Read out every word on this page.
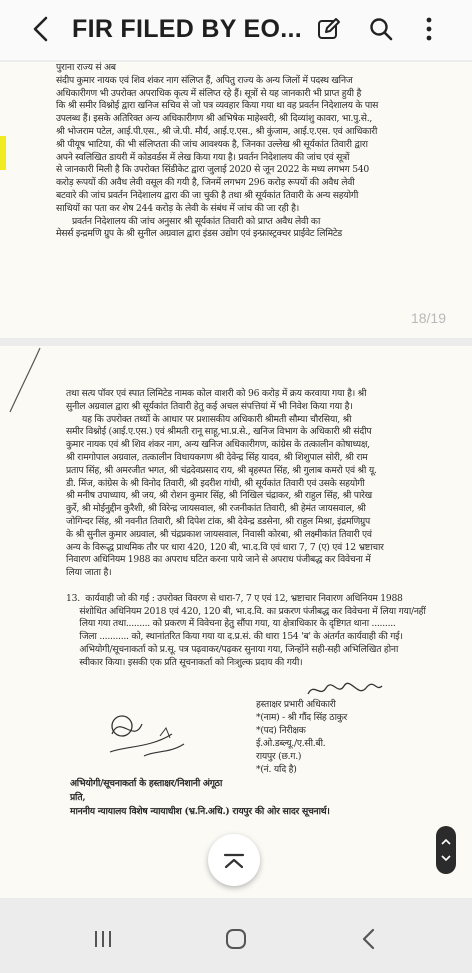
FIR FILED BY EO...
पुराना राज्य सं अब
संदीप कुमार नायक एवं शिव शंकर नाग संलिप्त हैं, अपितु राज्य के अन्य जिलों में पदस्थ खनिज
अधिकारीगण भी उपरोक्त अपराधिक कृत्य में संलिप्त रहे हैं। सूत्रों से यह जानकारी भी प्राप्त हुयी है
कि श्री समीर विश्नोई द्वारा खनिज सचिव से जो पत्र व्यवहार किया गया था वह प्रवर्तन निदेशालय के पास
उपलब्ध हैं। इसके अतिरिक्त अन्य अधिकारीगण श्री अभिषेक माहेश्वरी, श्री दिव्यांशु कावरा, भा.पु.से.,
श्री भोजराम पटेल, आई.पी.एस., श्री जे.पी. मौर्य, आई.ए.एस., श्री कुंजाम, आई.ए.एस. एवं आधिकारी
श्री पीयूष भाटिया, की भी संलिप्तता की जांच आवश्यक है, जिनका उल्लेख श्री सूर्यकांत तिवारी द्वारा
अपने स्वलिखित डायरी में कोडवर्डस में लेख किया गया है। प्रवर्तन निदेशालय की जांच एवं सूत्रों
से जानकारी मिली है कि उपरोक्त सिंडीकेट द्वारा जुलाई 2020 से जून 2022 के मध्य लगभग 540
करोड़ रूपयों की अवैध लेवी वसूल की गयी है, जिनमें लगभग 296 करोड़ रूपयों की अवैध लेवी
बटवारे की जांच प्रवर्तन निदेशालय द्वारा की जा चुकी है तथा श्री सूर्यकांत तिवारी के अन्य सहयोगी
साथियों का पता कर शेष 244 करोड़ के लेवी के संबंध में जांच की जा रही है।
प्रवर्तन निदेशालय की जांच अनुसार श्री सूर्यकांत तिवारी को प्राप्त अवैध लेवी का
मेसर्स इन्द्रमणि ग्रुप के श्री सुनील अग्रवाल द्वारा इंडस उद्योग एवं इन्फ्रास्ट्रक्चर प्राईवेट लिमिटेड
18/19
तथा सत्य पॉवर एवं स्पात लिमिटेड नामक कोल वाशरी को 96 करोड़ में क्रय करवाया गया है। श्री
सुनील अग्रवाल द्वारा श्री सूर्यकांत तिवारी हेतु कई अचल संपत्तियां में भी निवेश किया गया है।
यह कि उपरोक्त तथ्यों के आधार पर प्रशासकीय अधिकारी श्रीमती सौम्या चौरसिया, श्री
समीर विश्नोई (आई.ए.एस.) एवं श्रीमती रानू साहू,भा.प्र.से., खनिज विभाग के अधिकारी श्री संदीप
कुमार नायक एवं श्री शिव शंकर नाग, अन्य खनिज अधिकारीगण, कांग्रेस के तत्कालीन कोषाध्यक्ष,
श्री रामगोपाल अग्रवाल, तत्कालीन विधायकगण श्री देवेन्द्र सिंह यादव, श्री शिशुपाल सोरी, श्री राम
प्रताप सिंह, श्री अमरजीत भगत, श्री चंद्रदेवप्रसाद राय, श्री बृहस्पत सिंह, श्री गुलाब कमरो एवं श्री यू.
डी. मिंज, कांग्रेस के श्री विनोद तिवारी, श्री इदरीश गांधी, श्री सूर्यकांत तिवारी एवं उसके सहयोगी
श्री मनीष उपाध्याय, श्री जय, श्री रोशन कुमार सिंह, श्री निखिल चंद्राकर, श्री राहुल सिंह, श्री पारेख
कुर्रे, श्री मोईनुद्दीन कुरैशी, श्री विरेन्द्र जायसवाल, श्री रजनीकांत तिवारी, श्री हेमंत जायसवाल, श्री
जोगिन्दर सिंह, श्री नवनीत तिवारी, श्री दिपेश टांक, श्री देवेन्द्र डडसेना, श्री राहुल मिश्रा, इंद्रमणिग्रुप
के श्री सुनील कुमार अग्रवाल, श्री चंद्रप्रकाश जायसवाल, निवासी कोरबा, श्री लक्ष्मीकांत तिवारी एवं
अन्य के विरूद्ध प्राथमिक तौर पर धारा 420, 120 बी, भा.द.वि एवं धारा 7, 7 (ए) एवं 12 भ्रष्टाचार
निवारण अधिनियम 1988 का अपराध घटित करना पाये जाने से अपराध पंजीबद्ध कर विवेचना में
लिया जाता है।

13.  कार्यवाही जो की गई : उपरोक्त विवरण से धारा-7, 7 ए एवं 12, भ्रष्टाचार निवारण अधिनियम 1988
संशोधित अधिनियम 2018 एवं 420, 120 बी, भा.द.वि. का प्रकरण पंजीबद्ध कर विवेचना में लिया गया/नहीं
लिया गया तथा......... को प्रकरण में विवेचना हेतु सौंपा गया, या क्षेत्राधिकार के दृष्टिगत थाना .........
जिला ........... को, स्थानांतरित किया गया या द.प्र.सं. की धारा 154 'ब' के अंतर्गत कार्यवाही की गई।
अभियोगी/सूचनाकर्ता को प्र.सू. पत्र पढ़वाकर/पढ़कर सुनाया गया, जिन्होंने सही-सही अभिलिखित होना
स्वीकार किया। इसकी एक प्रति सूचनाकर्ता को निःशुल्क प्रदाय की गयी।
हस्ताक्षर प्रभारी अधिकारी
*(नाम) - श्री गौंद सिंह ठाकुर
*(पद) निरीक्षक
ई.ओ.डब्ल्यू./ए.सी.बी.
रायपुर (छ.ग.)
*(नं. यदि है)
अभियोगी/सूचनाकर्ता के हस्ताक्षर/निशानी अंगूठा
प्रति,
माननीय न्यायालय विशेष न्यायाधीश (भ्र.नि.अधि.) रायपुर की ओर सादर सूचनार्थ।
